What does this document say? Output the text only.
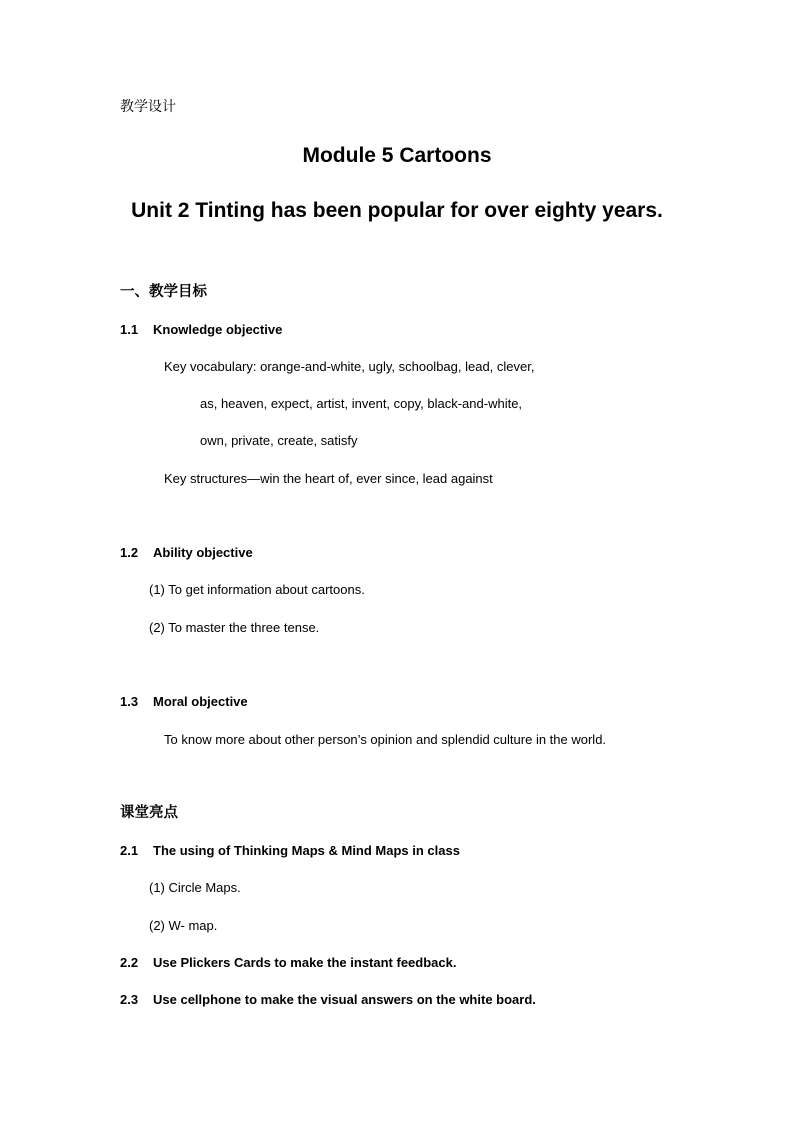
教学设计
Module 5 Cartoons
Unit 2 Tinting has been popular for over eighty years.
一、教学目标
1.1 Knowledge objective
Key vocabulary: orange-and-white, ugly, schoolbag, lead, clever,
as, heaven, expect, artist, invent, copy, black-and-white,
own, private, create, satisfy
Key structures—win the heart of, ever since, lead against
1.2 Ability objective
(1) To get information about cartoons.
(2) To master the three tense.
1.3 Moral objective
To know more about other person’s opinion and splendid culture in the world.
课堂亮点
2.1 The using of Thinking Maps & Mind Maps in class
(1) Circle Maps.
(2) W- map.
2.2 Use Plickers Cards to make the instant feedback.
2.3 Use cellphone to make the visual answers on the white board.
